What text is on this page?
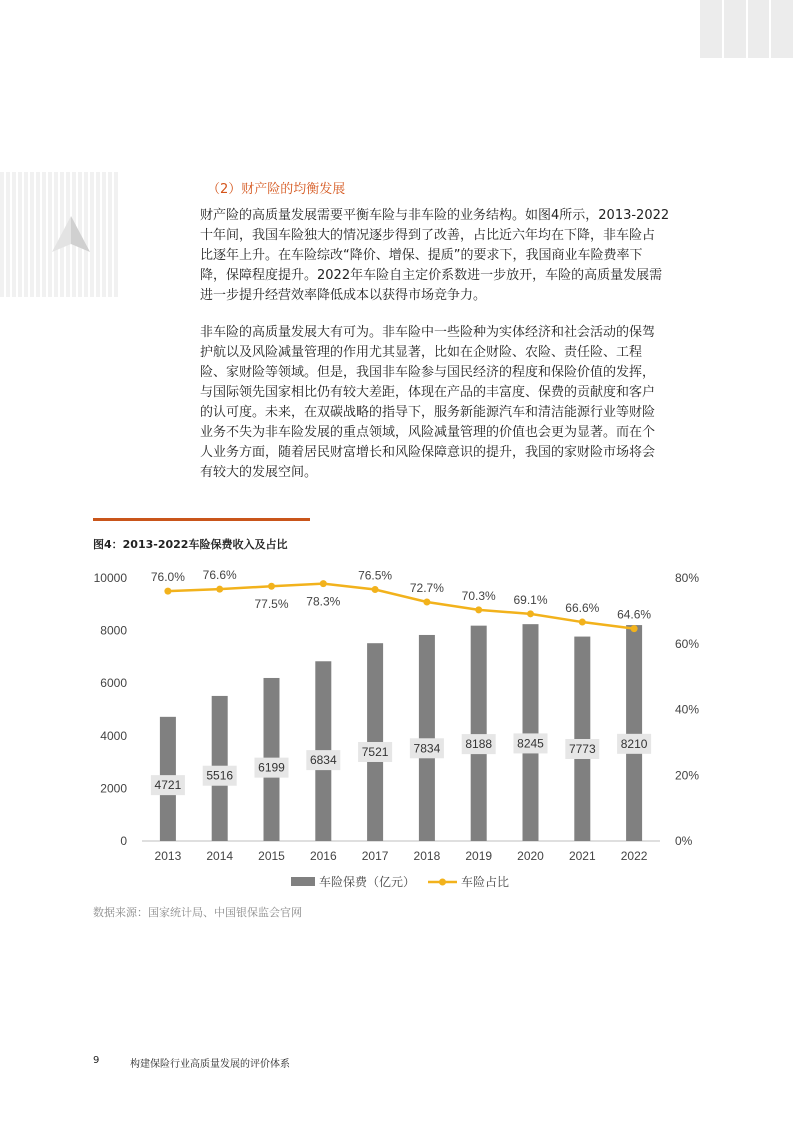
（2）财产险的均衡发展

财产险的高质量发展需要平衡车险与非车险的业务结构。如图4所示，2013-2022
十年间，我国车险独大的情况逐步得到了改善，占比近六年均在下降，非车险占
比逐年上升。在车险综改“降价、增保、提质”的要求下，我国商业车险费率下
降，保障程度提升。2022年车险自主定价系数进一步放开，车险的高质量发展需
进一步提升经营效率降低成本以获得市场竞争力。

非车险的高质量发展大有可为。非车险中一些险种为实体经济和社会活动的保驾
护航以及风险减量管理的作用尤其显著，比如在企财险、农险、责任险、工程
险、家财险等领域。但是，我国非车险参与国民经济的程度和保险价值的发挥，
与国际领先国家相比仍有较大差距，体现在产品的丰富度、保费的贡献度和客户
的认可度。未来，在双碳战略的指导下，服务新能源汽车和清洁能源行业等财险
业务不失为非车险发展的重点领域，风险减量管理的价值也会更为显著。而在个
人业务方面，随着居民财富增长和风险保障意识的提升，我国的家财险市场将会
有较大的发展空间。

图4：2013-2022车险保费收入及占比
0
2000
4000
6000
8000
10000
0%
20%
40%
60%
80%
4721
5516
6199
6834
7521 7834 8188 8245 7773 8210
76.0% 76.6%
77.5% 78.3%
76.5%
72.7%
70.3% 69.1%
66.6% 64.6%
2013 2014 2015 2016 2017 2018 2019 2020 2021 2022
车险保费（亿元）	车险占比
数据来源：国家统计局、中国银保监会官网
9	构建保险行业高质量发展的评价体系
